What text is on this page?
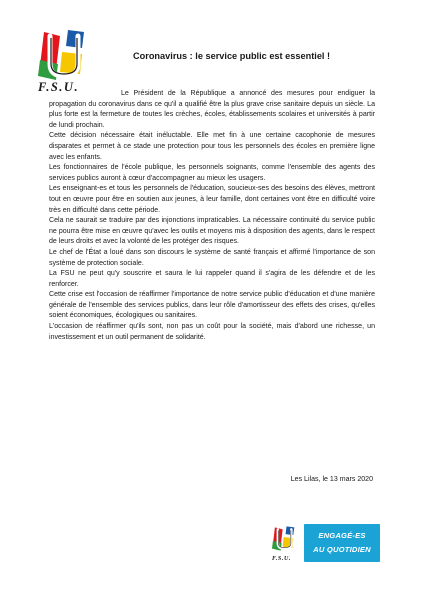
F.S.U.
Coronavirus : le service public est essentiel !

Le Président de la République a annoncé des mesures pour endiguer la propagation du coronavirus dans ce qu'il a qualifié être la plus grave crise sanitaire depuis un siècle. La plus forte est la fermeture de toutes les crèches, écoles, établissements scolaires et universités à partir de lundi prochain.

Cette décision nécessaire était inéluctable. Elle met fin à une certaine cacophonie de mesures disparates et permet à ce stade une protection pour tous les personnels des écoles en première ligne avec les enfants.

Les fonctionnaires de l'école publique, les personnels soignants, comme l'ensemble des agents des services publics auront à cœur d'accompagner au mieux les usagers.

Les enseignant-es et tous les personnels de l'éducation, soucieux-ses des besoins des élèves, mettront tout en œuvre pour être en soutien aux jeunes, à leur famille, dont certaines vont être en difficulté voire très en difficulté dans cette période.

Cela ne saurait se traduire par des injonctions impraticables. La nécessaire continuité du service public ne pourra être mise en œuvre qu'avec les outils et moyens mis à disposition des agents, dans le respect de leurs droits et avec la volonté de les protéger des risques.

Le chef de l'État a loué dans son discours le système de santé français et affirmé l'importance de son système de protection sociale.

La FSU ne peut qu'y souscrire et saura le lui rappeler quand il s'agira de les défendre et de les renforcer.

Cette crise est l'occasion de réaffirmer l'importance de notre service public d'éducation et d'une manière générale de l'ensemble des services publics, dans leur rôle d'amortisseur des effets des crises, qu'elles soient économiques, écologiques ou sanitaires.

L'occasion de réaffirmer qu'ils sont, non pas un coût pour la société, mais d'abord une richesse, un investissement et un outil permanent de solidarité.

Les Lilas, le 13 mars 2020
F.S.U.
ENGAGÉ-ES
AU QUOTIDIEN
